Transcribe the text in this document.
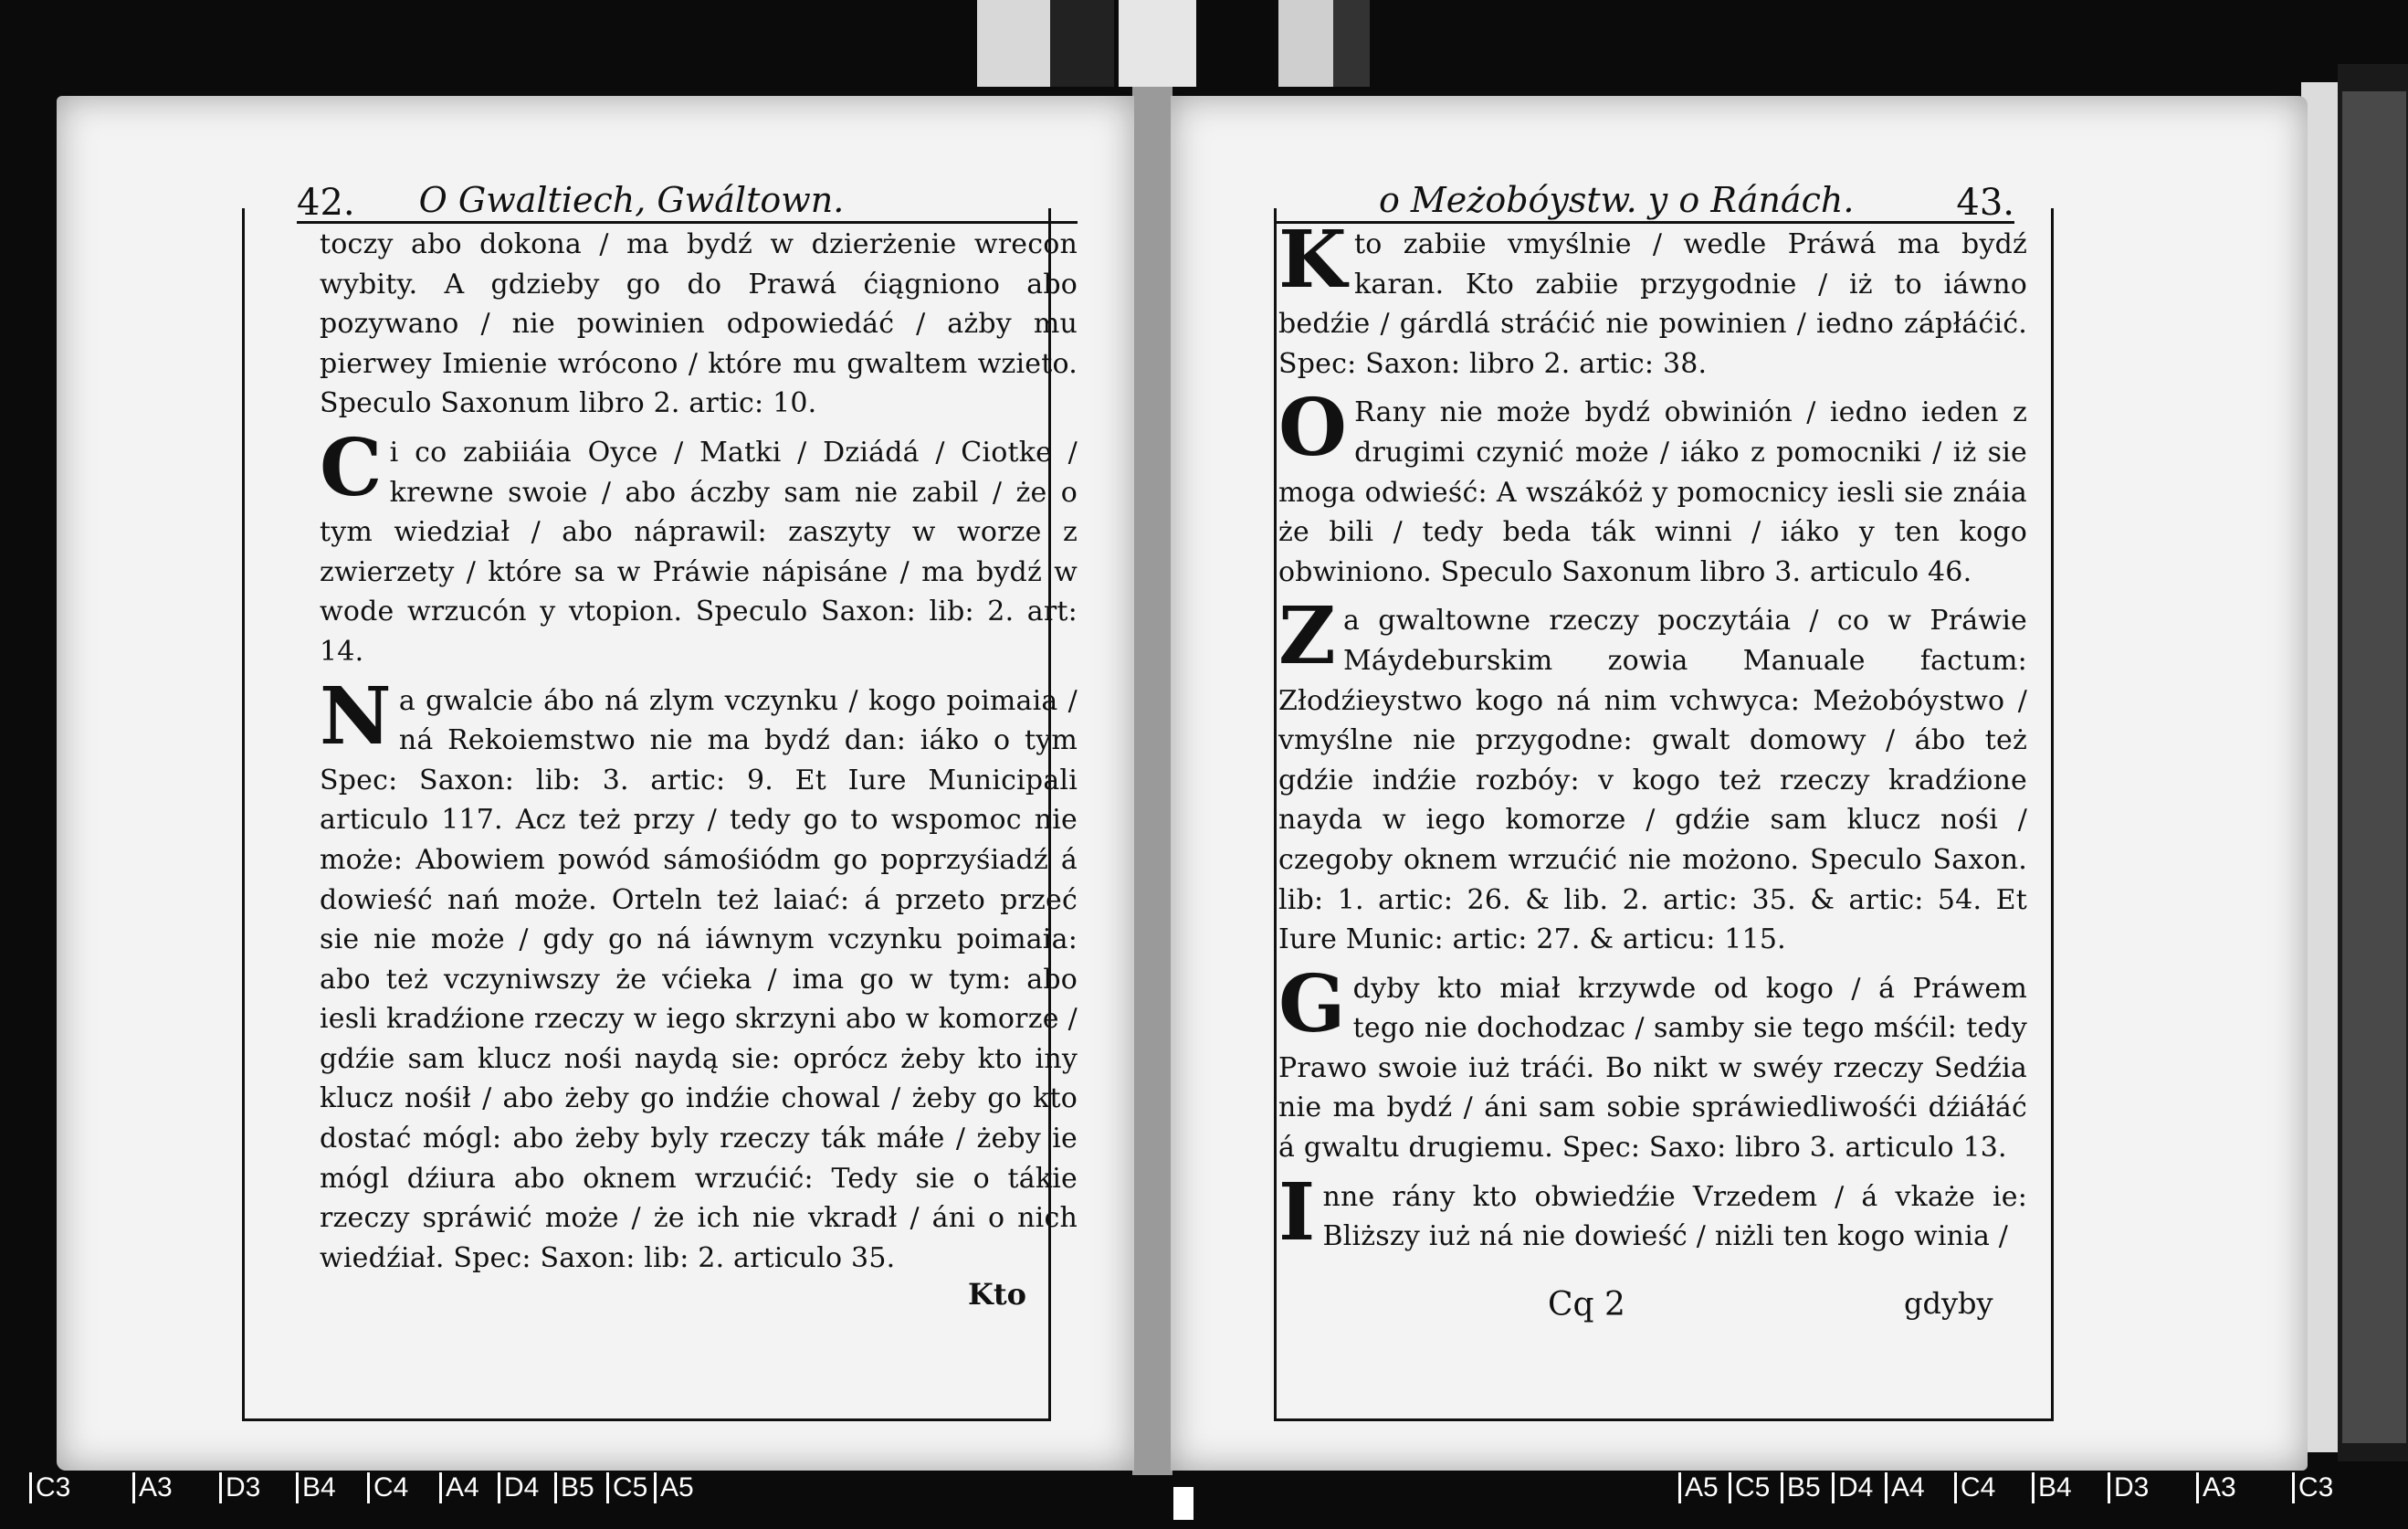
42. O Gwaltiech, Gwáltown.	o Meżobóystw. y o Ránách.	43.

toczy abo dokona / ma bydź w dzierżenie wrecon wybity. A gdzieby go do Prawá ćiągniono abo pozywano / nie powinien odpowiedáć / ażby mu pierwey Imienie wrócono / które mu gwaltem wzieto. Speculo Saxonum libro 2. artic: 10.

Ci co zabiiáia Oyce / Matki / Dziádá / Ciotke / krewne swoie / abo áczby sam nie zabil / że o tym wiedział / abo náprawil: zaszyty w worze z zwierzety / które sa w Práwie nápisáne / ma bydź w wode wrzucón y vtopion. Speculo Saxon: lib: 2. art: 14.

Na gwalcie ábo ná zlym vczynku / kogo poimaia / ná Rekoiemstwo nie ma bydź dan: iáko o tym Spec: Saxon: lib: 3. artic: 9. Et Iure Municipali articulo 117. Acz też przy / tedy go to wspomoc nie może: Abowiem powód sámośiódm go poprzyśiadź á dowieść nań może. Orteln też laiać: á przeto przeć sie nie może / gdy go ná iáwnym vczynku poimaia: abo też vczyniwszy że vćieka / ima go w tym: abo iesli kradźione rzeczy w iego skrzyni abo w komorze / gdźie sam klucz nośi naydą sie: oprócz żeby kto iny klucz nośił / abo żeby go indźie chowal / żeby go kto dostać mógl: abo żeby byly rzeczy ták máłe / żeby ie mógl dźiura abo oknem wrzućić: Tedy sie o tákie rzeczy spráwić może / że ich nie vkradł / áni o nich wiedźiał. Spec: Saxon: lib: 2. articulo 35.

Kto

Kto zabiie vmyślnie / wedle Práwá ma bydź karan. Kto zabiie przygodnie / iż to iáwno bedźie / gárdlá stráćić nie powinien / iedno zápłáćić. Spec: Saxon: libro 2. artic: 38.

ORany nie może bydź obwinión / iedno ieden z drugimi czynić może / iáko z pomocniki / iż sie moga odwieść: A wszákóż y pomocnicy iesli sie znáia że bili / tedy beda ták winni / iáko y ten kogo obwiniono. Speculo Saxonum libro 3. articulo 46.

Za gwaltowne rzeczy poczytáia / co w Práwie Máydeburskim zowia Manuale factum: Złodźieystwo kogo ná nim vchwyca: Meżobóystwo / vmyślne nie przygodne: gwalt domowy / ábo też gdźie indźie rozbóy: v kogo też rzeczy kradźione nayda w iego komorze / gdźie sam klucz nośi / czegoby oknem wrzućić nie możono. Speculo Saxon. lib: 1. artic: 26. & lib. 2. artic: 35. & artic: 54. Et Iure Munic: artic: 27. & articu: 115.

Gdyby kto miał krzywde od kogo / á Práwem tego nie dochodzac / samby sie tego mśćil: tedy Prawo swoie iuż tráći. Bo nikt w swéy rzeczy Sedźia nie ma bydź / áni sam sobie spráwiedliwośći dźiáłáć á gwaltu drugiemu. Spec: Saxo: libro 3. articulo 13.

Inne rány kto obwiedźie Vrzedem / á vkaże ie: Bliższy iuż ná nie dowieść / niżli ten kogo winia /

Cq 2	gdyby
C3 A3 D3 B4 C4 A4 D4 B5 C5 A5	A5 C5 B5 D4 A4 C4 B4 D3 A3 C3
